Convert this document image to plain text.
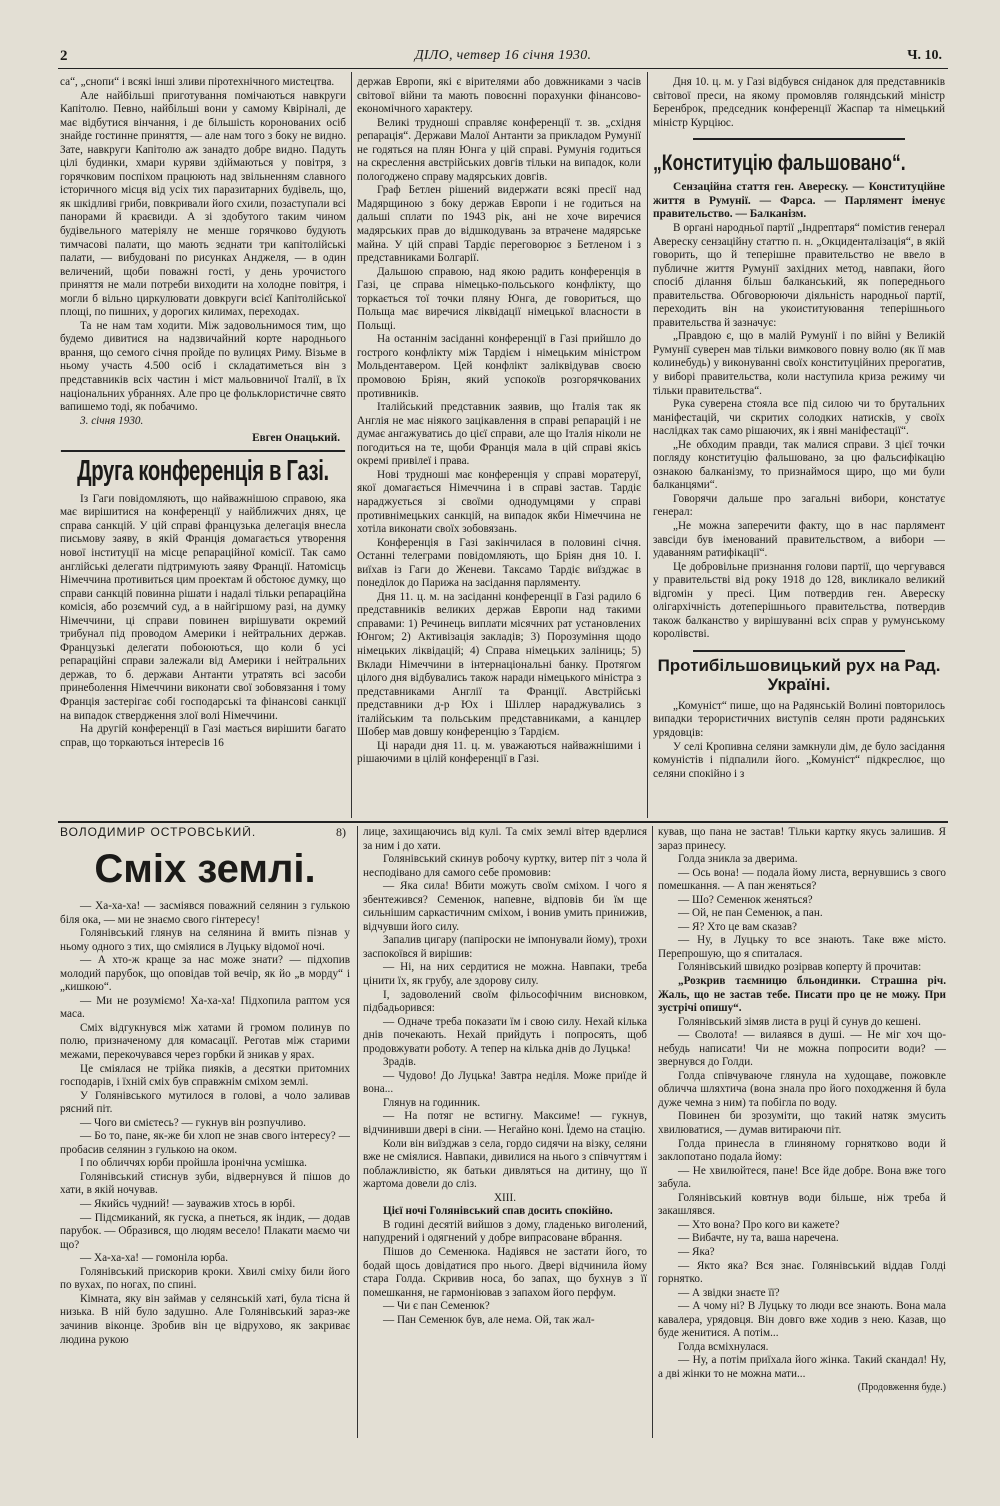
2	ДІЛО, четвер 16 січня 1930.	Ч. 10.

са“, „снопи“ і всякі інші зливи піротехнічного мистецтва.

Але найбільші приготування помічаються навкруги Капітолю. Певно, найбільші вони у самому Квіріналі, де має відбутися вінчання, і де більшість коронованих осіб знайде гостинне приняття, — але нам того з боку не видно. Зате, навкруги Капітолю аж занадто добре видно. Падуть цілі будинки, хмари куряви здіймаються у повітря, з горячковим поспіхом працюють над звільненням славного історичного місця від усіх тих паразитарних будівель, що, як шкідливі гриби, повкривали його схили, позаступали всі панорами й краєвиди. А зі здобутого таким чином будівельного матеріялу не менше горячково будують тимчасові палати, що мають зєднати три капітолійські палати, — вибудовані по рисунках Анджеля, — в один величений, щоби поважні гості, у день урочистого приняття не мали потреби виходити на холодне повітря, і могли б вільно циркулювати довкруги всієї Капітолійської площі, по пишних, у дорогих килимах, переходах.

Та не нам там ходити. Між задовольнимося тим, що будемо дивитися на надзвичайний корте народнього врання, що семого січня пройде по вулицях Риму. Візьме в ньому участь 4.500 осіб і складатиметься він з представників всіх частин і міст мальовничої Італії, в їх національних убраннях. Але про це фольклористичне свято вапишемо тоді, як побачимо.

3. січня 1930.

Евген Онацький.

Друга конференція в Газі.

Із Гаги повідомляють, що найважнішою справою, яка має вирішитися на конференції у найближчих днях, це справа санкцій. У цій справі французька делегація внесла письмову заяву, в якій Франція домагається утворення нової інституції на місце репараційної комісії. Так само англійські делегати підтримують заяву Франції. Натомісць Німеччина противиться цим проектам й обстоює думку, що справи санкцій повинна рішати і надалі тільки репараційна комісія, або розємчий суд, а в найгіршому разі, на думку Німеччини, ці справи повинен вирішувати окремий трибунал під проводом Америки і нейтральних держав. Французькі делегати побоюються, що коли б усі репараційні справи залежали від Америки і нейтральних держав, то б. держави Антанти утратять всі засоби принеболення Німеччини виконати свої зобовязання і тому Франція застерігає собі господарські та фінансові санкції на випадок ствердження злої волі Німеччини.

На другій конференції в Газі мається вирішити багато справ, що торкаються інтересів 16

держав Европи, які є вірителями або довжниками з часів світової війни та мають повоєнні порахунки фінансово-економічного характеру.

Великі трудноші справляє конференції т. зв. „східня репарація“. Держави Малої Антанти за прикладом Румунії не годяться на плян Юнга у цій справі. Румунія годиться на скреслення австрійських довгів тільки на випадок, коли пологоджено справу мадярських довгів.

Граф Бетлен рішений видержати всякі пресії над Мадярщиною з боку держав Европи і не годиться на дальші сплати по 1943 рік, ані не хоче виречися мадярських прав до відшкодувань за втрачене мадярське майна. У цій справі Тардіє переговорює з Бетленом і з представниками Болгарії.

Дальшою справою, над якою радить конференція в Газі, це справа німецько-польського конфлікту, що торкається тої точки пляну Юнга, де говориться, що Польща має виречися ліквідації німецької власности в Польщі.

На останнім засіданні конференції в Газі прийшло до гострого конфлікту між Тардієм і німецьким міністром Мольдентавером. Цей конфлікт заліквідував своєю промовою Бріян, який успокоїв розгорячкованих противників.

Італійський представник заявив, що Італія так як Англія не має ніякого зацікавлення в справі репарацій і не думає ангажуватись до цієї справи, але що Італія ніколи не погодиться на те, щоби Франція мала в цій справі якісь окремі привілеї і права.

Нові трудноші має конференція у справі моратеруї, якої домагається Німеччина і в справі застав. Тардіє нараджується зі своїми однодумцями у справі противнімецьких санкцій, на випадок якби Німеччина не хотіла виконати своїх зобовязань.

Конференція в Газі закінчилася в половині січня. Останні телеграми повідомляють, що Бріян дня 10. І. виїхав із Гаги до Женеви. Таксамо Тардіє виїзджає в понеділок до Парижа на засідання парляменту.

Дня 11. ц. м. на засіданні конференції в Газі радило 6 представників великих держав Европи над такими справами: 1) Речинець виплати місячних рат установлених Юнгом; 2) Активізація закладів; 3) Порозуміння щодо німецьких ліквідацій; 4) Справа німецьких заліниць; 5) Вклади Німеччини в інтернаціональні банку. Протягом цілого дня відбувались також наради німецького міністра з представниками Англії та Франції. Австрійські представники д-р Юх і Шіллер нараджувались з італійським та польським представниками, а канцлер Шобер мав довшу конференцію з Тардієм.

Ці наради дня 11. ц. м. уважаються найважнішими і рішаючими в цілій конференції в Газі.

Дня 10. ц. м. у Газі відбувся сніданок для представників світової преси, на якому промовляв голяндський міністр Беренброк, председник конференції Жаспар та німецький міністр Курціюс.

„Конституцію фальшовано“.

Сензаційна стаття ген. Авереску. — Конституційне життя в Румунії. — Фарса. — Парлямент іменує правительство. — Балканізм.

В органі народньої партії „Індрептаря“ помістив генерал Авереску сензаційну статтю п. н. „Окциденталізація“, в якій говорить, що й теперішне правительство не ввело в публичне життя Румунії західних метод, навпаки, його спосіб ділання більш балканський, як попереднього правительства. Обговорюючи діяльність народньої партії, переходить він на укоиституювання теперішнього правительства й зазначує:

„Правдою є, що в малій Румунії і по війні у Великій Румунії суверен мав тільки вимкового повну волю (як її мав колинебудь) у виконуванні своїх конституційних прерогатив, у виборі правительства, коли наступила криза режиму чи тільки правительства“.

Рука суверена стояла все під силою чи то брутальних манiфестацій, чи скритих солодких натисків, у своїх наслідках так само рішаючих, як і явні маніфестації“.

„Не обходим правди, так малися справи. З цієї точки погляду конституцію фальшовано, за цю фальсифікацію ознакою балканізму, то признаймося щиро, що ми були балканцями“.

Говорячи дальше про загальні вибори, констатує генерал:

„Не можна заперечити факту, що в нас парлямент завсіди був іменований правительством, а вибори — удаванням ратифікації“.

Це добровільне признання голови партії, що чергувався у правительстві від року 1918 до 128, викликало великий відгомін у пресі. Цим потвердив ген. Авереску олігархічність дотеперішнього правительства, потвердив також балканство у вирішуванні всіх справ у румунському королівстві.

Протибільшовицький рух на Рад. Україні.

„Комуніст“ пише, що на Радянській Волині повторилось випадки терористичних виступів селян проти радянських урядовців:

У селі Кропивна селяни замкнули дім, де було засідання комуністів і підпалили його. „Комуніст“ підкреслює, що селяни спокійно і з

ВОЛОДИМИР ОСТРОВСЬКИЙ.	8)
Сміх землі.

— Ха-ха-ха! — засміявся поважний селянин з гулькою біля ока, — ми не знаємо свого гінтересу!

Голянівський глянув на селянина й вмить пізнав у ньому одного з тих, що сміялися в Луцьку відомої ночі.

— А хто-ж краще за нас може знати? — підхопив молодий парубок, що оповідав той вечір, як йо „в морду“ і „кишкою“.

— Ми не розуміємо! Ха-ха-ха! Підхопила раптом уся маса.

Сміх відгукнувся між хатами й громом полинув по полю, призначеному для комасації. Реготав між старими межами, перекочувався через горбки й зникав у ярах.

Це сміялася не трійка пияків, а десятки притомних господарів, і їхній сміх був справжнім сміхом землі.

У Голянівського мутилося в голові, а чоло заливав рясний піт.

— Чого ви смієтесь? — гукнув він розпучливо.

— Бо то, пане, як-же би хлоп не знав свого інтересу? — пробасив селянин з гулькою на оком.

І по обличчях юрби пройшла іронічна усмішка.

Голянівський стиснув зуби, відвернувся й пішов до хати, в якій ночував.

— Якийсь чудний! — зауважив хтось в юрбі.

— Підсмиканий, як гуска, а пнеться, як індик, — додав парубок. — Образився, що людям весело! Плакати маємо чи що?

— Ха-ха-ха! — гомоніла юрба.

Голянівський прискорив кроки. Хвилі сміху били його по вухах, по ногах, по спині.

Кімната, яку він займав у селянській хаті, була тісна й низька. В ній було задушно. Але Голянівський зараз-же зачинив віконце. Зробив він це відрухово, як закриває людина рукою

лице, захищаючись від кулі. Та сміх землі вітер вдерлися за ним і до хати.

Голянівський скинув робочу куртку, витер піт з чола й несподівано для самого себе промовив:

— Яка сила! Вбити можуть своїм сміхом. І чого я збентежився? Семенюк, напевне, відповів би їм ще сильнішим саркастичним сміхом, і вонив умить принижив, відчувши його силу.

Запалив цигару (папіроски не імпонували йому), трохи заспокоївся й вирішив:

— Ні, на них сердитися не можна. Навпаки, треба цінити їх, як грубу, але здорову силу.

І, задоволений своїм фільософічним висновком, підбадьорився:

— Одначе треба показати їм і свою силу. Нехай кілька днів почекають. Нехай прийдуть і попросять, щоб продовжувати роботу. А тепер на кілька днів до Луцька!

Зрадів.

— Чудово! До Луцька! Завтра неділя. Може приїде й вона...

Глянув на годинник.

— На потяг не встигну. Максиме! — гукнув, відчинивши двері в сіни. — Негайно коні. Їдемо на стацію.

Коли він виїзджав з села, гордо сидячи на візку, селяни вже не сміялися. Навпаки, дивилися на нього з співчуттям і поблажливістю, як батьки дивляться на дитину, що її жартома довели до сліз.

XIII.

Цієї ночі Голянівський спав досить спокійно.

В годині десятій вийшов з дому, гладенько виголений, напудрений і одягнений у добре випрасоване вбрання.

Пішов до Семенюка. Надіявся не застати його, то бодай щось довідатися про нього. Двері відчинила йому стара Голда. Скривив носа, бо запах, що бухнув з її помешкання, не гармоніював з запахом його перфум.

— Чи є пан Семенюк?

— Пан Семенюк був, але нема. Ой, так жал-

кував, що пана не застав! Тільки картку якусь залишив. Я зараз принесу.

Голда зникла за дверима.

— Ось вона! — подала йому листа, вернувшись з свого помешкання. — А пан женяться?

— Шо? Семенюк женяться?

— Ой, не пан Семенюк, а пан.

— Я? Хто це вам сказав?

— Ну, в Луцьку то все знають. Таке вже місто. Перепрошую, що я спиталася.

Голянівський швидко розірвав коперту й прочитав:

„Розкрив таємницю бльондинки. Страшна річ. Жаль, що не застав тебе. Писати про це не можу. При зустрічі опишу“.

Голянівський зімяв листа в руці й сунув до кешені.

— Сволота! — вилаявся в душі. — Не міг хоч що-небудь написати! Чи не можна попросити води? — звернувся до Голди.

Голда співчуваюче глянула на худощаве, пожовкле обличча шляхтича (вона знала про його походження й була дуже чемна з ним) та побігла по воду.

Повинен би зрозуміти, що такий натяк змусить хвилюватися, — думав витираючи піт.

Голда принесла в глиняному горнятково води й заклопотано подала йому:

— Не хвилюйтеся, пане! Все йде добре. Вона вже того забула.

Голянівський ковтнув води більше, ніж треба й закашлявся.

— Хто вона? Про кого ви кажете?

— Вибачте, ну та, ваша наречена.

— Яка?

— Якто яка? Вся знає. Голянівський віддав Голді горнятко.

— А звідки знаєте її?

— А чому ні? В Луцьку то люди все знають. Вона мала кавалера, урядовця. Він довго вже ходив з нею. Казав, що буде женитися. А потім...

Голда всміхнулася.

— Ну, а потім приїхала його жінка. Такий скандал! Ну, а дві жінки то не можна мати...

(Продовження буде.)
